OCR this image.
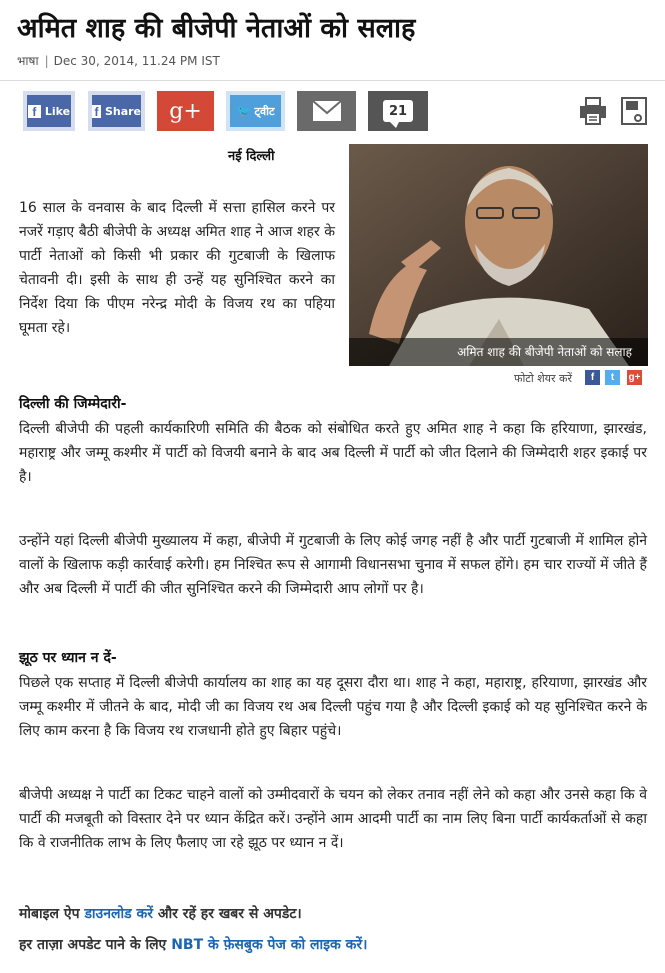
अमित शाह की बीजेपी नेताओं को सलाह
भाषा | Dec 30, 2014, 11.24 PM IST
f Like f Share g+	🐦 ट्वीट	21
नई दिल्ली
अमित शाह की बीजेपी नेताओं को सलाह
फोटो शेयर करें	f	t	g+

16 साल के वनवास के बाद दिल्ली में सत्ता हासिल करने पर नजरें गड़ाए बैठी बीजेपी के अध्यक्ष अमित शाह ने आज शहर के पार्टी नेताओं को किसी भी प्रकार की गुटबाजी के खिलाफ चेतावनी दी। इसी के साथ ही उन्हें यह सुनिश्चित करने का निर्देश दिया कि पीएम नरेन्द्र मोदी के विजय रथ का पहिया घूमता रहे।

दिल्ली की जिम्मेदारी-

दिल्ली बीजेपी की पहली कार्यकारिणी समिति की बैठक को संबोधित करते हुए अमित शाह ने कहा कि हरियाणा, झारखंड, महाराष्ट्र और जम्मू कश्मीर में पार्टी को विजयी बनाने के बाद अब दिल्ली में पार्टी को जीत दिलाने की जिम्मेदारी शहर इकाई पर है।

उन्होंने यहां दिल्ली बीजेपी मुख्यालय में कहा, बीजेपी में गुटबाजी के लिए कोई जगह नहीं है और पार्टी गुटबाजी में शामिल होने वालों के खिलाफ कड़ी कार्रवाई करेगी। हम निश्चित रूप से आगामी विधानसभा चुनाव में सफल होंगे। हम चार राज्यों में जीते हैं और अब दिल्ली में पार्टी की जीत सुनिश्चित करने की जिम्मेदारी आप लोगों पर है।

झूठ पर ध्यान न दें-

पिछले एक सप्ताह में दिल्ली बीजेपी कार्यालय का शाह का यह दूसरा दौरा था। शाह ने कहा, महाराष्ट्र, हरियाणा, झारखंड और जम्मू कश्मीर में जीतने के बाद, मोदी जी का विजय रथ अब दिल्ली पहुंच गया है और दिल्ली इकाई को यह सुनिश्चित करने के लिए काम करना है कि विजय रथ राजधानी होते हुए बिहार पहुंचे।

बीजेपी अध्यक्ष ने पार्टी का टिकट चाहने वालों को उम्मीदवारों के चयन को लेकर तनाव नहीं लेने को कहा और उनसे कहा कि वे पार्टी की मजबूती को विस्तार देने पर ध्यान केंद्रित करें। उन्होंने आम आदमी पार्टी का नाम लिए बिना पार्टी कार्यकर्ताओं से कहा कि वे राजनीतिक लाभ के लिए फैलाए जा रहे झूठ पर ध्यान न दें।

मोबाइल ऐप डाउनलोड करें और रहें हर खबर से अपडेट।

हर ताज़ा अपडेट पाने के लिए NBT के फ़ेसबुक पेज को लाइक करें।
